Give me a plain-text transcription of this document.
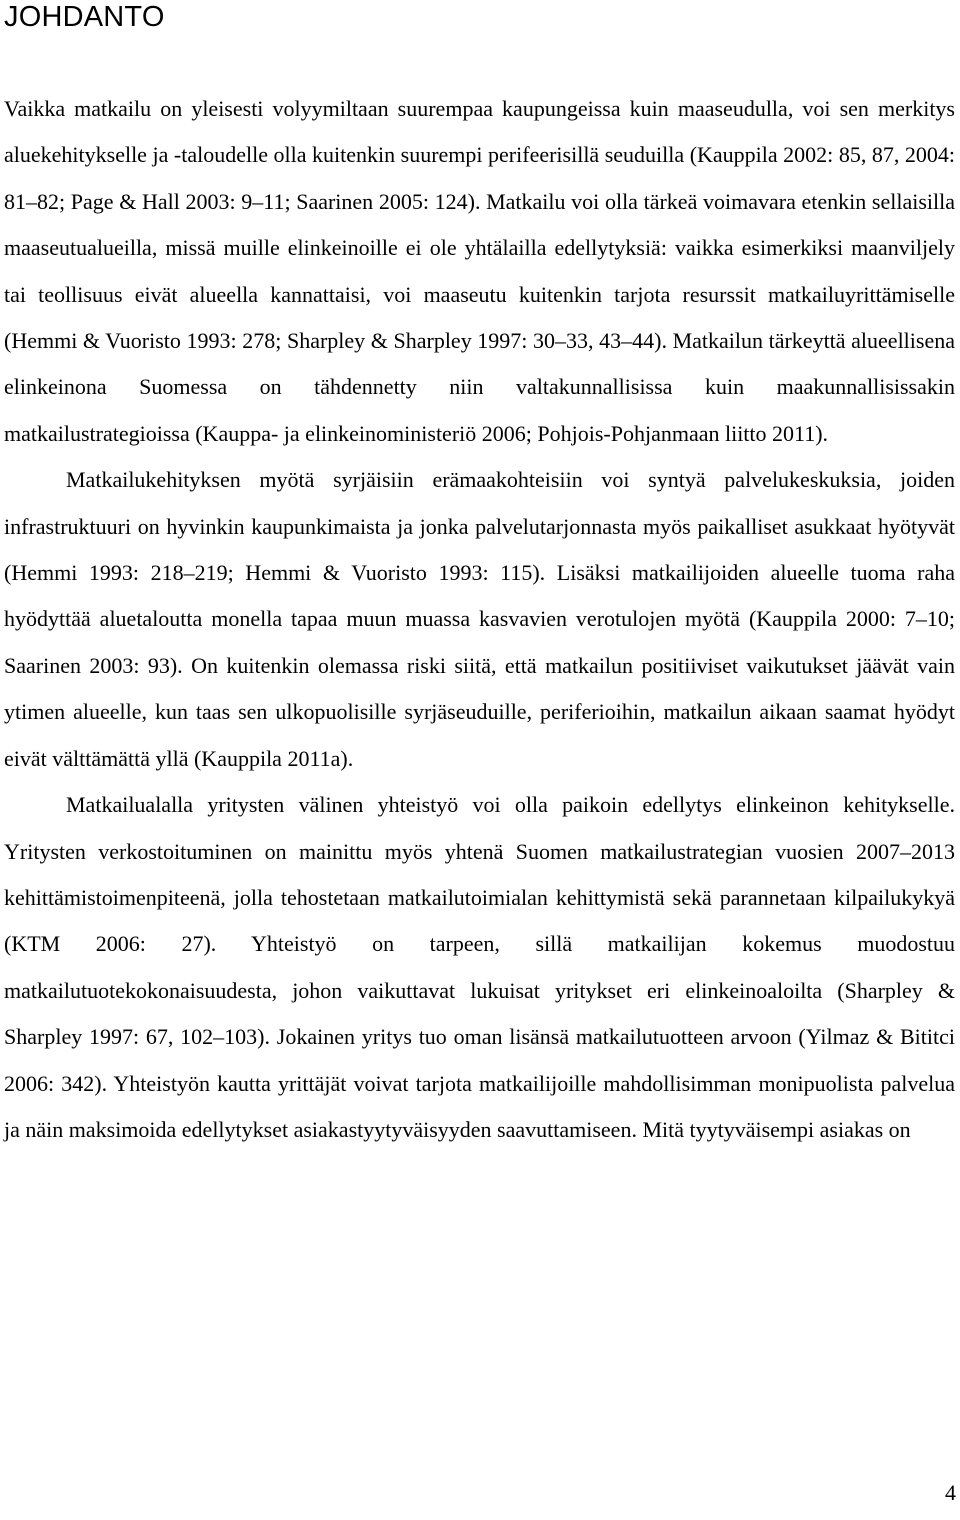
JOHDANTO

Vaikka matkailu on yleisesti volyymiltaan suurempaa kaupungeissa kuin maaseudulla, voi sen merkitys aluekehitykselle ja -taloudelle olla kuitenkin suurempi perifeerisillä seuduilla (Kauppila 2002: 85, 87, 2004: 81–82; Page & Hall 2003: 9–11; Saarinen 2005: 124). Matkailu voi olla tärkeä voimavara etenkin sellaisilla maaseutualueilla, missä muille elinkeinoille ei ole yhtälailla edellytyksiä: vaikka esimerkiksi maanviljely tai teollisuus eivät alueella kannattaisi, voi maaseutu kuitenkin tarjota resurssit matkailuyrittämiselle (Hemmi & Vuoristo 1993: 278; Sharpley & Sharpley 1997: 30–33, 43–44). Matkailun tärkeyttä alueellisena elinkeinona Suomessa on tähdennetty niin valtakunnallisissa kuin maakunnallisissakin matkailustrategioissa (Kauppa- ja elinkeinoministeriö 2006; Pohjois-Pohjanmaan liitto 2011).

Matkailukehityksen myötä syrjäisiin erämaakohteisiin voi syntyä palvelukeskuksia, joiden infrastruktuuri on hyvinkin kaupunkimaista ja jonka palvelutarjonnasta myös paikalliset asukkaat hyötyvät (Hemmi 1993: 218–219; Hemmi & Vuoristo 1993: 115). Lisäksi matkailijoiden alueelle tuoma raha hyödyttää aluetaloutta monella tapaa muun muassa kasvavien verotulojen myötä (Kauppila 2000: 7–10; Saarinen 2003: 93). On kuitenkin olemassa riski siitä, että matkailun positiiviset vaikutukset jäävät vain ytimen alueelle, kun taas sen ulkopuolisille syrjäseuduille, periferioihin, matkailun aikaan saamat hyödyt eivät välttämättä yllä (Kauppila 2011a).

Matkailualalla yritysten välinen yhteistyö voi olla paikoin edellytys elinkeinon kehitykselle. Yritysten verkostoituminen on mainittu myös yhtenä Suomen matkailustrategian vuosien 2007–2013 kehittämistoimenpiteenä, jolla tehostetaan matkailutoimialan kehittymistä sekä parannetaan kilpailukykyä (KTM 2006: 27). Yhteistyö on tarpeen, sillä matkailijan kokemus muodostuu matkailutuotekokonaisuudesta, johon vaikuttavat lukuisat yritykset eri elinkeinoaloilta (Sharpley & Sharpley 1997: 67, 102–103). Jokainen yritys tuo oman lisänsä matkailutuotteen arvoon (Yilmaz & Bititci 2006: 342). Yhteistyön kautta yrittäjät voivat tarjota matkailijoille mahdollisimman monipuolista palvelua ja näin maksimoida edellytykset asiakastyytyväisyyden saavuttamiseen. Mitä tyytyväisempi asiakas on

4
